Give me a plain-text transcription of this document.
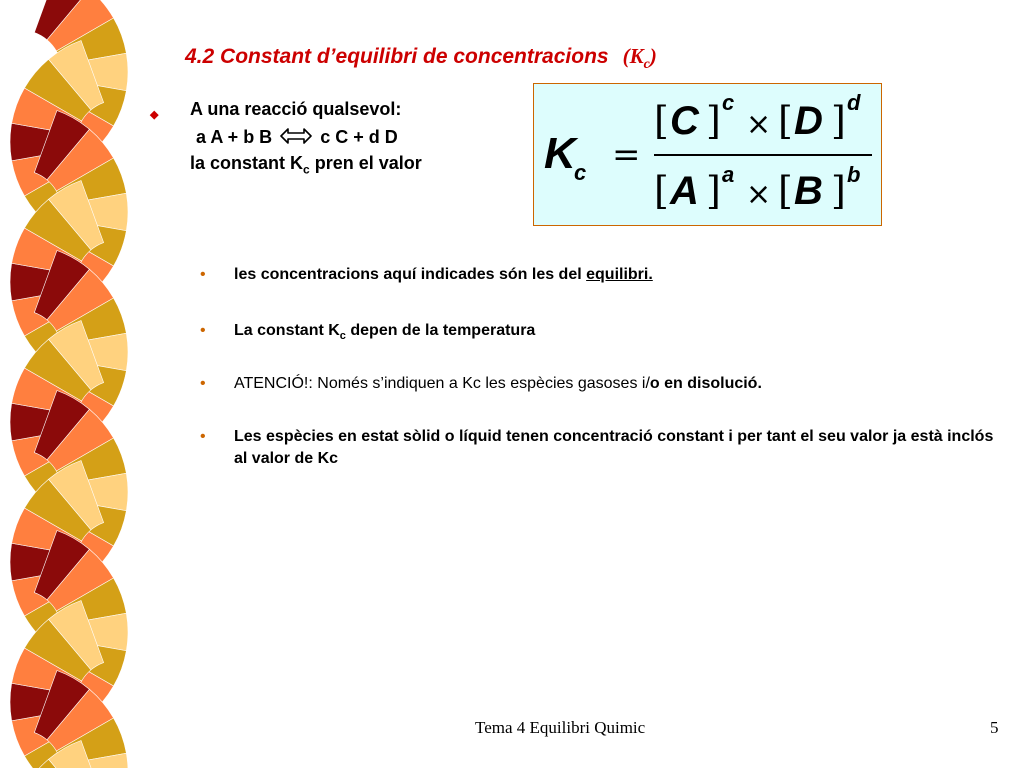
4.2 Constant d’equilibri de concentracions $(K_c)$
◆ A una reacció qualsevol:
a A + b B ⇌ c C + d D
la constant $K_c$ pren el valor	K
c =
[ ] [ ]
[ ] [ ]
×
×
C c D d
A a B b
• les concentracions aquí indicades són les del equilibri.
• La constant $K_c$ depen de la temperatura
• ATENCIÓ!: Només s’indiquen a Kc les espècies gasoses i/o en disolució.
• Les espècies en estat sòlid o líquid tenen concentració constant i per tant el seu valor ja està inclós al valor de Kc
Tema 4 Equilibri Quimic	5
